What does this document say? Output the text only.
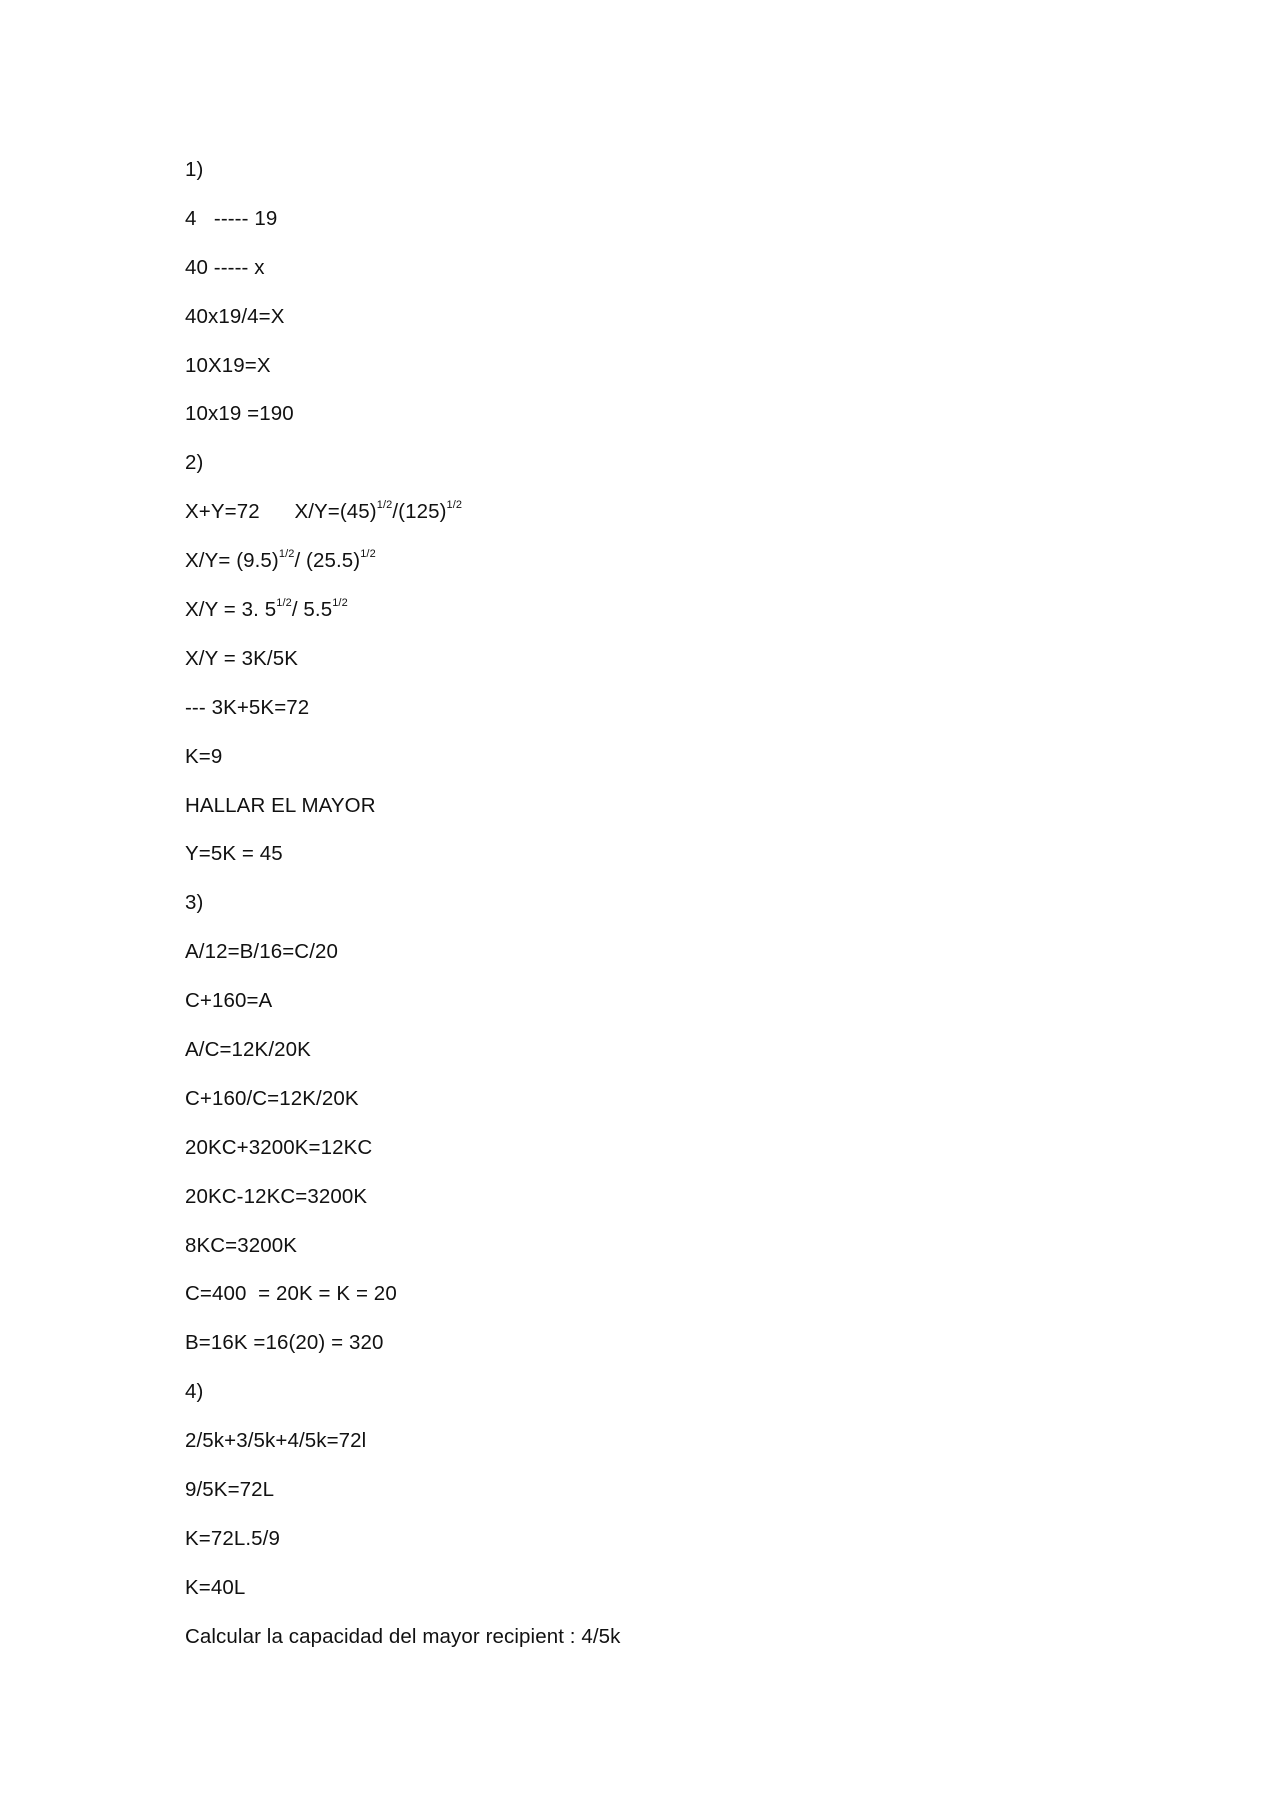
1)
4   ----- 19
40 ----- x
40x19/4=X
10X19=X
10x19 =190
2)
X+Y=72      $X/Y=(45)^{1/2}/(125)^{1/2}$
$X/Y= (9.5)^{1/2}/$ $(25.5)^{1/2}$
X/Y = 3. $5^{1/2}/$ $5.5^{1/2}$
X/Y = 3K/5K
--- 3K+5K=72
K=9
HALLAR EL MAYOR
Y=5K = 45
3)
A/12=B/16=C/20
C+160=A
A/C=12K/20K
C+160/C=12K/20K
20KC+3200K=12KC
20KC-12KC=3200K
8KC=3200K
C=400  = 20K = K = 20
B=16K =16(20) = 320
4)
2/5k+3/5k+4/5k=72l
9/5K=72L
K=72L.5/9
K=40L
Calcular la capacidad del mayor recipient : 4/5k
